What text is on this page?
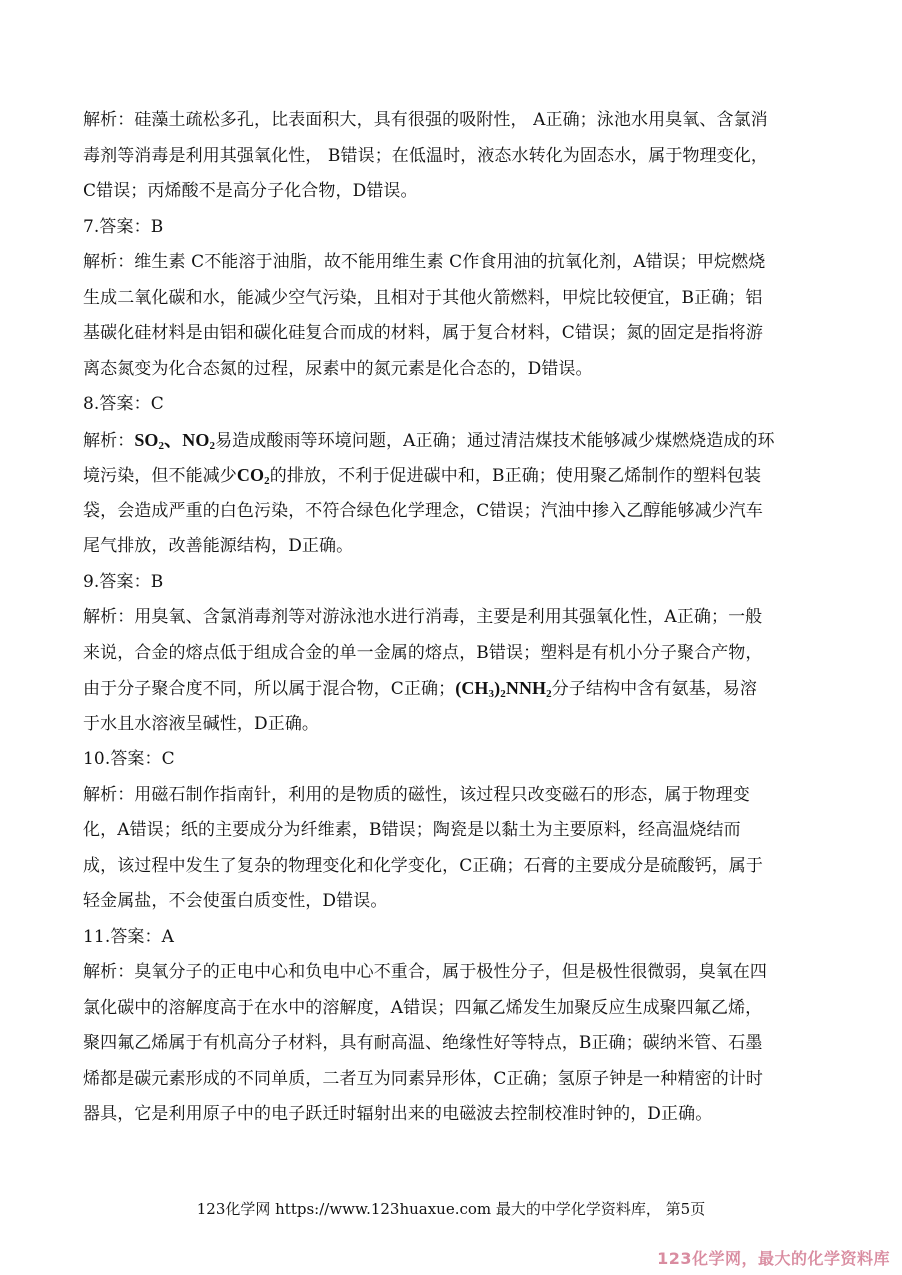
解析：硅藻土疏松多孔，比表面积大，具有很强的吸附性， A正确；泳池水用臭氧、含氯消
毒剂等消毒是利用其强氧化性， B错误；在低温时，液态水转化为固态水，属于物理变化，
C错误；丙烯酸不是高分子化合物，D错误。
7.答案：B
解析：维生素 C不能溶于油脂，故不能用维生素 C作食用油的抗氧化剂，A错误；甲烷燃烧
生成二氧化碳和水，能减少空气污染，且相对于其他火箭燃料，甲烷比较便宜，B正确；铝
基碳化硅材料是由铝和碳化硅复合而成的材料，属于复合材料，C错误；氮的固定是指将游
离态氮变为化合态氮的过程，尿素中的氮元素是化合态的，D错误。
8.答案：C
解析：$SO_2$、$NO_2$易造成酸雨等环境问题，A正确；通过清洁煤技术能够减少煤燃烧造成的环
境污染，但不能减少$CO_2$的排放，不利于促进碳中和，B正确；使用聚乙烯制作的塑料包装
袋，会造成严重的白色污染，不符合绿色化学理念，C错误；汽油中掺入乙醇能够减少汽车
尾气排放，改善能源结构，D正确。
9.答案：B
解析：用臭氧、含氯消毒剂等对游泳池水进行消毒，主要是利用其强氧化性，A正确；一般
来说，合金的熔点低于组成合金的单一金属的熔点，B错误；塑料是有机小分子聚合产物，
由于分子聚合度不同，所以属于混合物，C正确；$(CH_3)_2NNH_2$分子结构中含有氨基，易溶
于水且水溶液呈碱性，D正确。
10.答案：C
解析：用磁石制作指南针，利用的是物质的磁性，该过程只改变磁石的形态，属于物理变
化，A错误；纸的主要成分为纤维素，B错误；陶瓷是以黏土为主要原料，经高温烧结而
成，该过程中发生了复杂的物理变化和化学变化，C正确；石膏的主要成分是硫酸钙，属于
轻金属盐，不会使蛋白质变性，D错误。
11.答案：A
解析：臭氧分子的正电中心和负电中心不重合，属于极性分子，但是极性很微弱，臭氧在四
氯化碳中的溶解度高于在水中的溶解度，A错误；四氟乙烯发生加聚反应生成聚四氟乙烯，
聚四氟乙烯属于有机高分子材料，具有耐高温、绝缘性好等特点，B正确；碳纳米管、石墨
烯都是碳元素形成的不同单质，二者互为同素异形体，C正确；氢原子钟是一种精密的计时
器具，它是利用原子中的电子跃迁时辐射出来的电磁波去控制校准时钟的，D正确。
123化学网 https://www.123huaxue.com 最大的中学化学资料库， 第5页
123化学网，最大的化学资料库
